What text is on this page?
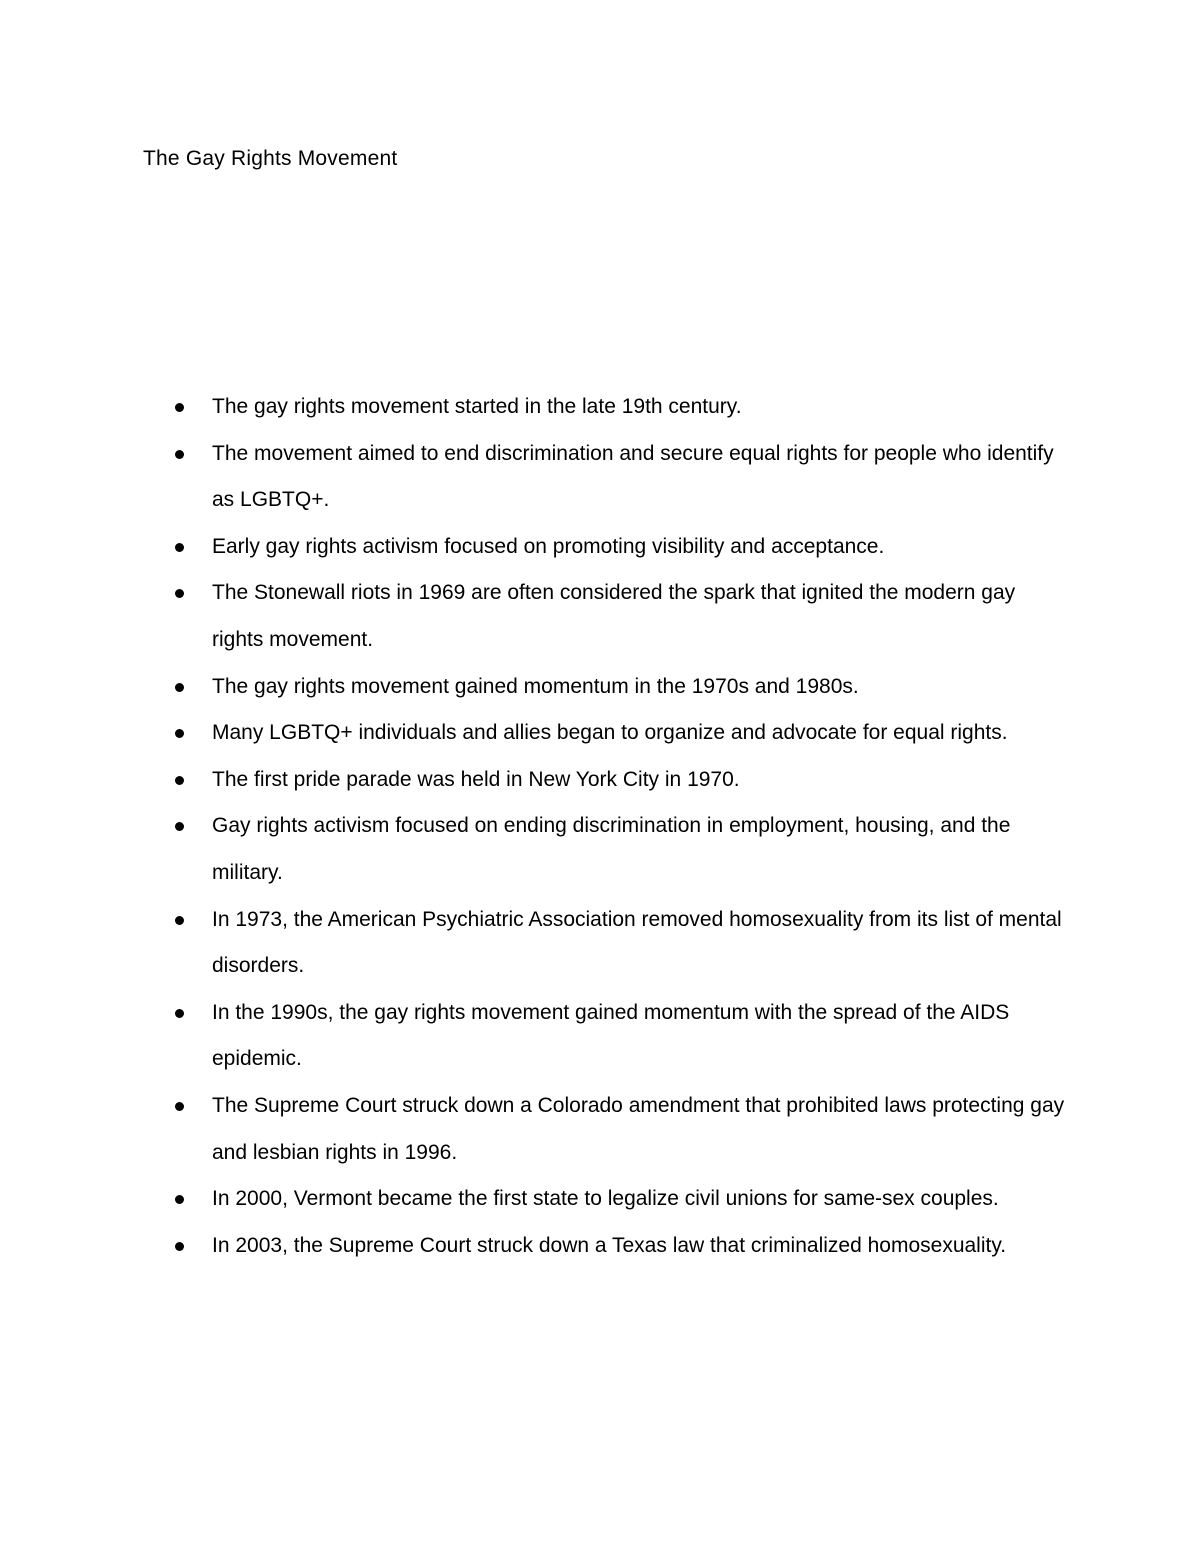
The Gay Rights Movement
The gay rights movement started in the late 19th century.
The movement aimed to end discrimination and secure equal rights for people who identify as LGBTQ+.
Early gay rights activism focused on promoting visibility and acceptance.
The Stonewall riots in 1969 are often considered the spark that ignited the modern gay rights movement.
The gay rights movement gained momentum in the 1970s and 1980s.
Many LGBTQ+ individuals and allies began to organize and advocate for equal rights.
The first pride parade was held in New York City in 1970.
Gay rights activism focused on ending discrimination in employment, housing, and the military.
In 1973, the American Psychiatric Association removed homosexuality from its list of mental disorders.
In the 1990s, the gay rights movement gained momentum with the spread of the AIDS epidemic.
The Supreme Court struck down a Colorado amendment that prohibited laws protecting gay and lesbian rights in 1996.
In 2000, Vermont became the first state to legalize civil unions for same-sex couples.
In 2003, the Supreme Court struck down a Texas law that criminalized homosexuality.
